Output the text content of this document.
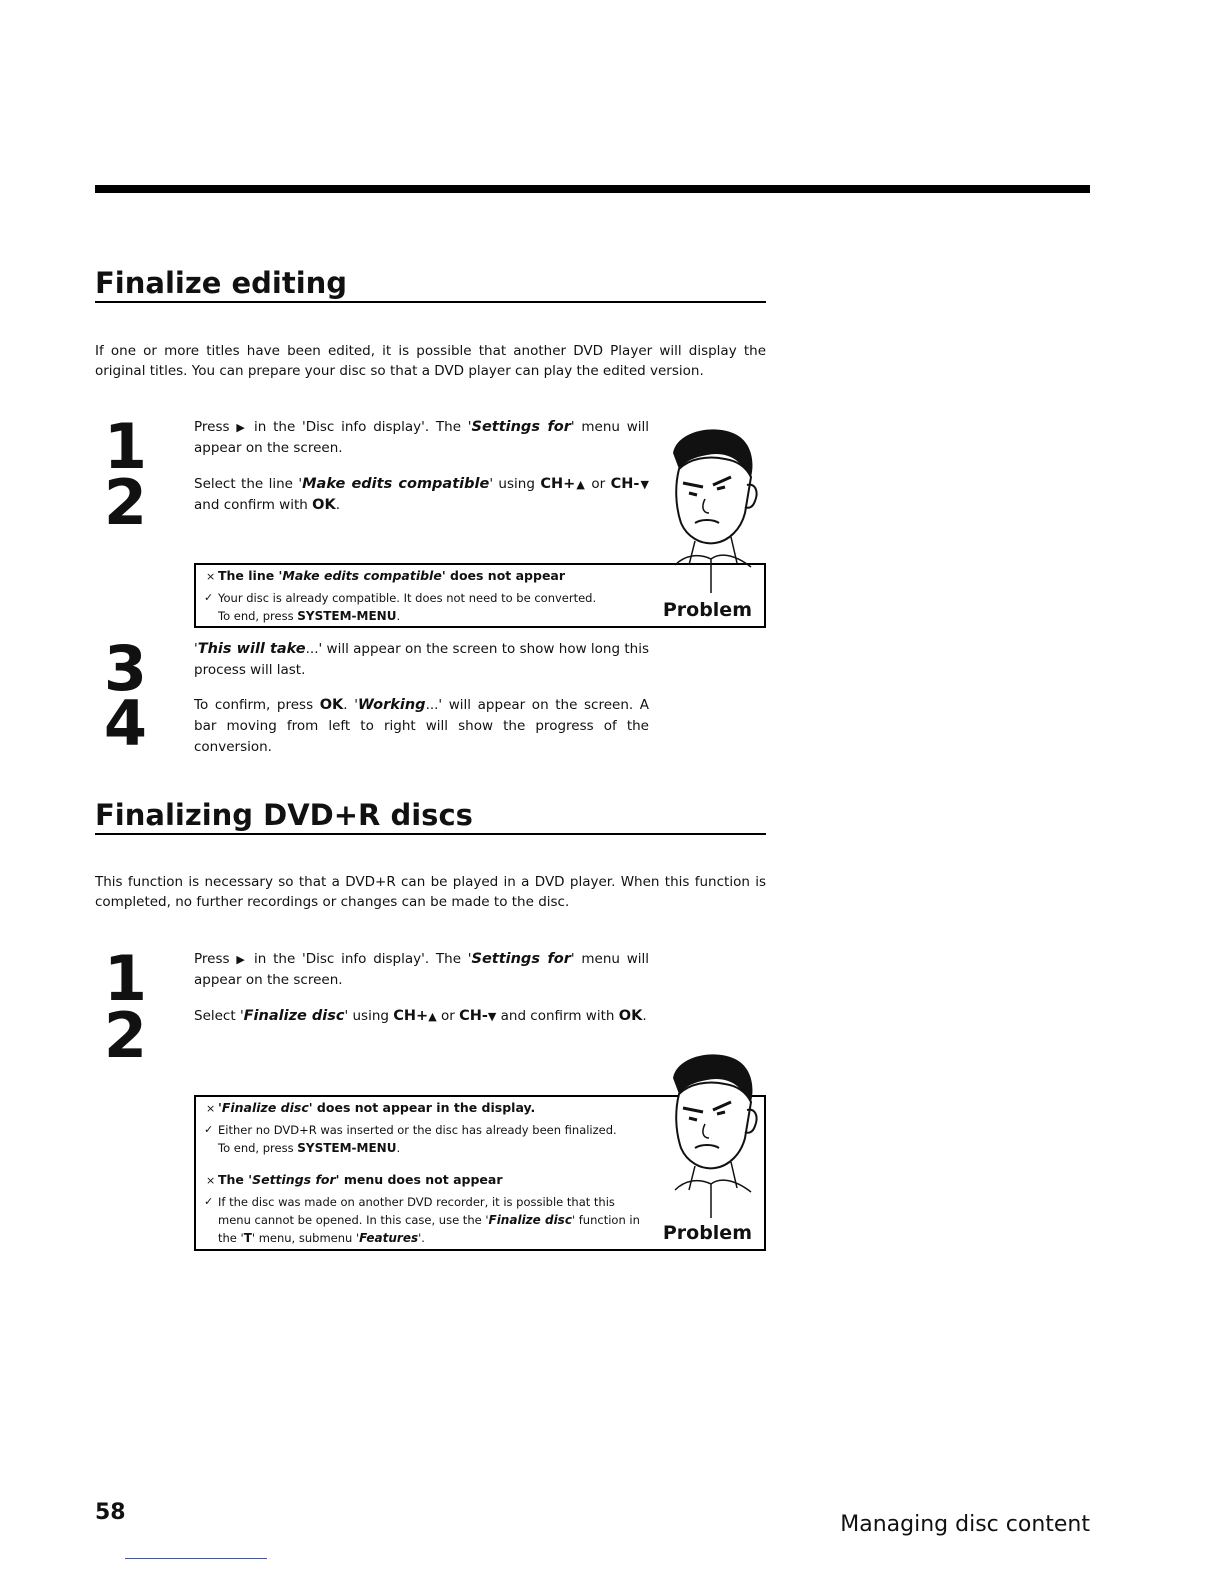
Finalize editing
If one or more titles have been edited, it is possible that another DVD Player will display the original titles. You can prepare your disc so that a DVD player can play the edited version.
1	Press ▶ in the 'Disc info display'. The 'Settings for' menu will appear on the screen.
2	Select the line 'Make edits compatible' using CH+▲ or CH-▼ and confirm with OK.
× The line 'Make edits compatible' does not appear
✓ Your disc is already compatible. It does not need to be converted.
To end, press SYSTEM-MENU.	Problem
3	'This will take...' will appear on the screen to show how long this process will last.
4	To confirm, press OK. 'Working...' will appear on the screen. A bar moving from left to right will show the progress of the conversion.
Finalizing DVD+R discs
This function is necessary so that a DVD+R can be played in a DVD player. When this function is completed, no further recordings or changes can be made to the disc.
1	Press ▶ in the 'Disc info display'. The 'Settings for' menu will appear on the screen.
2	Select 'Finalize disc' using CH+▲ or CH-▼ and confirm with OK.
× 'Finalize disc' does not appear in the display.
✓ Either no DVD+R was inserted or the disc has already been finalized.
To end, press SYSTEM-MENU.
× The 'Settings for' menu does not appear
✓ If the disc was made on another DVD recorder, it is possible that this menu cannot be opened. In this case, use the 'Finalize disc' function in the 'T' menu, submenu 'Features'.	Problem
58	Managing disc content
